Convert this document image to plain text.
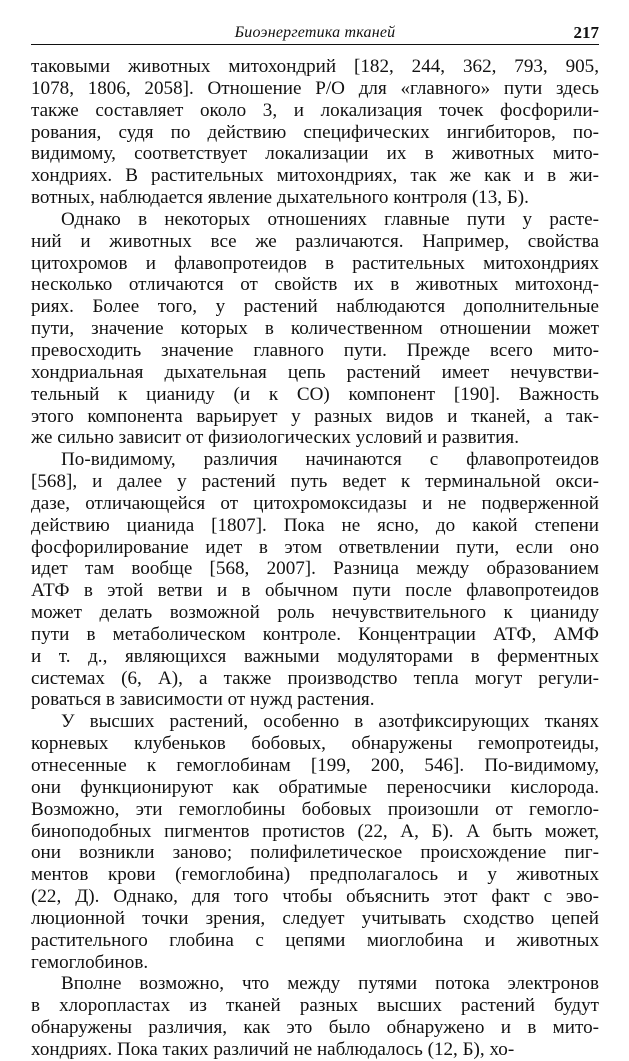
Биоэнергетика тканей	217
таковыми животных митохондрий [182, 244, 362, 793, 905,
1078, 1806, 2058]. Отношение P/O для «главного» пути здесь
также составляет около 3, и локализация точек фосфорили-
рования, судя по действию специфических ингибиторов, по-
видимому, соответствует локализации их в животных мито-
хондриях. В растительных митохондриях, так же как и в жи-
вотных, наблюдается явление дыхательного контроля (13, Б).
Однако в некоторых отношениях главные пути у расте-
ний и животных все же различаются. Например, свойства
цитохромов и флавопротеидов в растительных митохондриях
несколько отличаются от свойств их в животных митохонд-
риях. Более того, у растений наблюдаются дополнительные
пути, значение которых в количественном отношении может
превосходить значение главного пути. Прежде всего мито-
хондриальная дыхательная цепь растений имеет нечувстви-
тельный к цианиду (и к CO) компонент [190]. Важность
этого компонента варьирует у разных видов и тканей, а так-
же сильно зависит от физиологических условий и развития.
По-видимому, различия начинаются с флавопротеидов
[568], и далее у растений путь ведет к терминальной окси-
дазе, отличающейся от цитохромоксидазы и не подверженной
действию цианида [1807]. Пока не ясно, до какой степени
фосфорилирование идет в этом ответвлении пути, если оно
идет там вообще [568, 2007]. Разница между образованием
АТФ в этой ветви и в обычном пути после флавопротеидов
может делать возможной роль нечувствительного к цианиду
пути в метаболическом контроле. Концентрации АТФ, АМФ
и т. д., являющихся важными модуляторами в ферментных
системах (6, А), а также производство тепла могут регули-
роваться в зависимости от нужд растения.
У высших растений, особенно в азотфиксирующих тканях
корневых клубеньков бобовых, обнаружены гемопротеиды,
отнесенные к гемоглобинам [199, 200, 546]. По-видимому,
они функционируют как обратимые переносчики кислорода.
Возможно, эти гемоглобины бобовых произошли от гемогло-
бинoподобных пигментов протистов (22, А, Б). А быть может,
они возникли заново; полифилетическое происхождение пиг-
ментов крови (гемоглобина) предполагалось и у животных
(22, Д). Однако, для того чтобы объяснить этот факт с эво-
люционной точки зрения, следует учитывать сходство цепей
растительного глобина с цепями миоглобина и животных
гемоглобинов.
Вполне возможно, что между путями потока электронов
в хлоропластах из тканей разных высших растений будут
обнаружены различия, как это было обнаружено и в мито-
хондриях. Пока таких различий не наблюдалось (12, Б), хо-
